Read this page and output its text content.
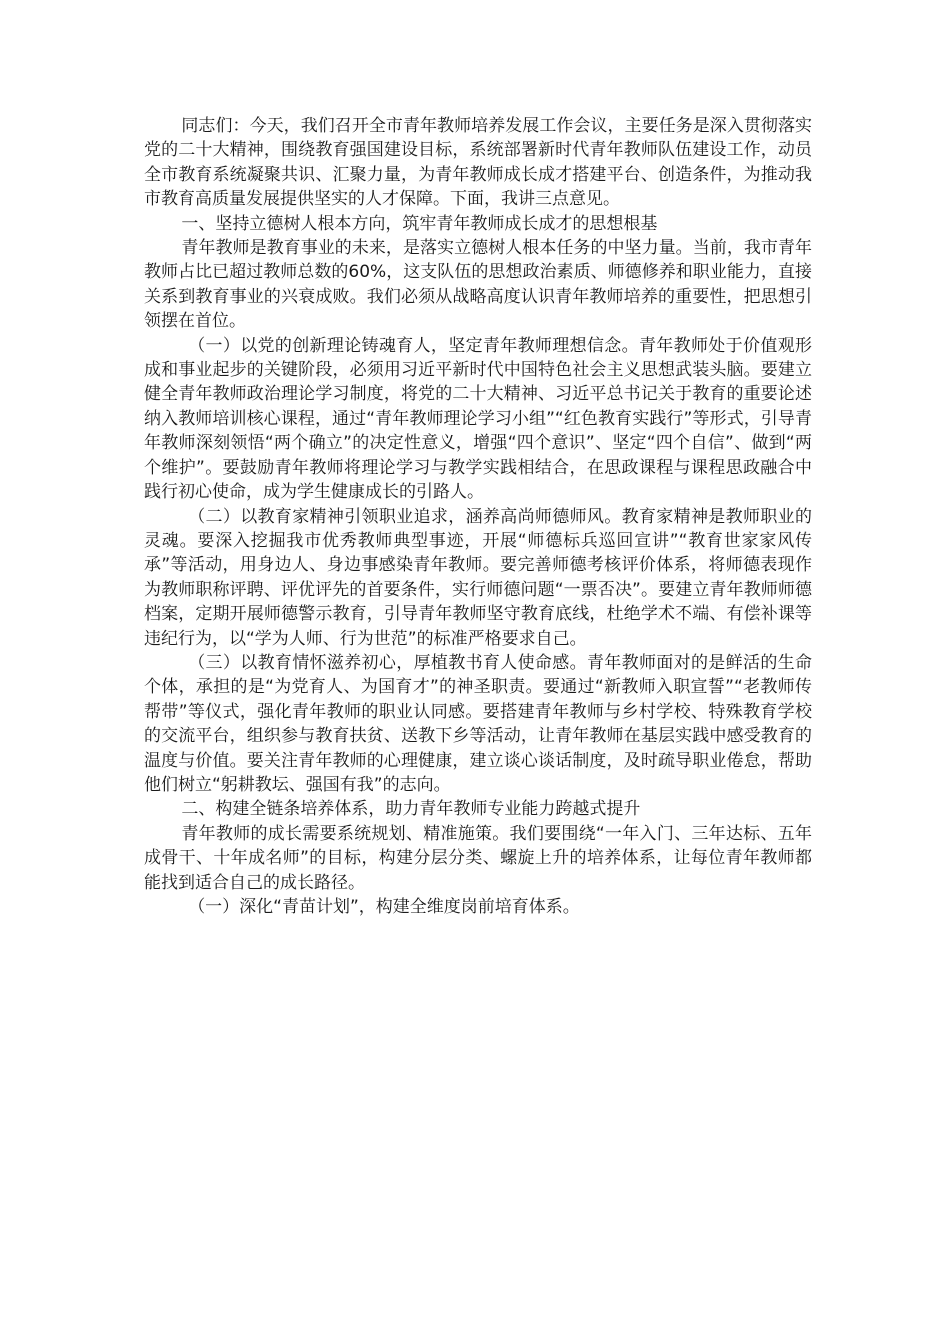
同志们：今天，我们召开全市青年教师培养发展工作会议，主要任务是深入贯彻落实党的二十大精神，围绕教育强国建设目标，系统部署新时代青年教师队伍建设工作，动员全市教育系统凝聚共识、汇聚力量，为青年教师成长成才搭建平台、创造条件，为推动我市教育高质量发展提供坚实的人才保障。下面，我讲三点意见。

一、坚持立德树人根本方向，筑牢青年教师成长成才的思想根基

青年教师是教育事业的未来，是落实立德树人根本任务的中坚力量。当前，我市青年教师占比已超过教师总数的60%，这支队伍的思想政治素质、师德修养和职业能力，直接关系到教育事业的兴衰成败。我们必须从战略高度认识青年教师培养的重要性，把思想引领摆在首位。

（一）以党的创新理论铸魂育人，坚定青年教师理想信念。青年教师处于价值观形成和事业起步的关键阶段，必须用习近平新时代中国特色社会主义思想武装头脑。要建立健全青年教师政治理论学习制度，将党的二十大精神、习近平总书记关于教育的重要论述纳入教师培训核心课程，通过“青年教师理论学习小组”“红色教育实践行”等形式，引导青年教师深刻领悟“两个确立”的决定性意义，增强“四个意识”、坚定“四个自信”、做到“两个维护”。要鼓励青年教师将理论学习与教学实践相结合，在思政课程与课程思政融合中践行初心使命，成为学生健康成长的引路人。

（二）以教育家精神引领职业追求，涵养高尚师德师风。教育家精神是教师职业的灵魂。要深入挖掘我市优秀教师典型事迹，开展“师德标兵巡回宣讲”“教育世家家风传承”等活动，用身边人、身边事感染青年教师。要完善师德考核评价体系，将师德表现作为教师职称评聘、评优评先的首要条件，实行师德问题“一票否决”。要建立青年教师师德档案，定期开展师德警示教育，引导青年教师坚守教育底线，杜绝学术不端、有偿补课等违纪行为，以“学为人师、行为世范”的标准严格要求自己。

（三）以教育情怀滋养初心，厚植教书育人使命感。青年教师面对的是鲜活的生命个体，承担的是“为党育人、为国育才”的神圣职责。要通过“新教师入职宣誓”“老教师传帮带”等仪式，强化青年教师的职业认同感。要搭建青年教师与乡村学校、特殊教育学校的交流平台，组织参与教育扶贫、送教下乡等活动，让青年教师在基层实践中感受教育的温度与价值。要关注青年教师的心理健康，建立谈心谈话制度，及时疏导职业倦怠，帮助他们树立“躬耕教坛、强国有我”的志向。

二、构建全链条培养体系，助力青年教师专业能力跨越式提升

青年教师的成长需要系统规划、精准施策。我们要围绕“一年入门、三年达标、五年成骨干、十年成名师”的目标，构建分层分类、螺旋上升的培养体系，让每位青年教师都能找到适合自己的成长路径。

（一）深化“青苗计划”，构建全维度岗前培育体系。
